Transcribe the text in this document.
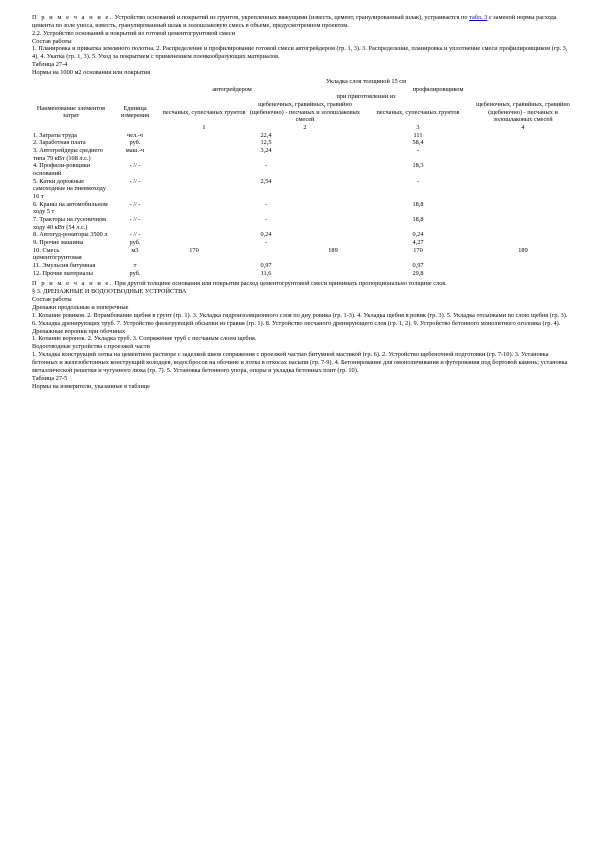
П р и м е ч а н и е. Устройство оснований и покрытий из грунтов, укрепленных вяжущими (известь, цемент, гранулированный шлак), устраивается по табл. 3 с заменой нормы расхода цемента по золе уноса, известь, гранулированный шлак и золошлаковую смесь в объеме, предусмотренном проектом.

2.2. Устройство оснований и покрытий из готовой цементогрунтовой смеси

Состав работы

1. Планировка и прикатка земляного полотна. 2. Распределение и профилирование готовой смеси автогрейдером (гр. 1, 3). 3. Распределение, планировка и уплотнение смеси профилировщиком (гр. 3, 4). 4. Укатка (гр. 1, 3). 5. Уход за покрытием с применением пленкообразующих материалов.

Таблица 27-4

Нормы на 1000 м2 основания или покрытия

		Укладка слоя толщиной 15 см					
		автогрейдером			профилировщиком		
		при приготовлении из					
Наименование элементов затрат	Единица измерения	песчаных, супесчаных грунтов		щебеночных, гравийных, гравийно (щебеночно) - песчаных и золошлаковых смесей		песчаных, супесчаных грунтов	щебеночных, гравийных, гравийно (щебеночно) - песчаных и золошлаковых смесей
		1		2		3	4
1. Затраты труда	чел.-ч		22,4			111	
2. Заработная плата	руб.		12,5			58,4	
3. Автогрейдеры среднего типа 79 кВт (108 л.с.)	маш.-ч		3,24			-	
4. Профили-ровщики оснований	- // -		-			18,3	
5. Катки дорожные самоходные на пневмоходу 16 т	- // -		2,54			-	
6. Краны на автомобильном ходу 5 т	- // -		-			18,8	
7. Тракторы на гусеничном ходу 40 кВт (54 л.с.)	- // -		-			18,8	
8. Автогуд-ронаторы 3500 л	- // -		0,24			0,24	
9. Прочие машины	руб.		-			4,27	
10. Смесь цементогрунтовая	м3	170			189	170	189
11. Эмульсия битумная	т		0,97			0,97	
12. Прочие материалы	руб.		11,6			29,8	

П р и м е ч а н и е. При другой толщине основания или покрытия расход цементогрунтовой смеси принимать пропорционально толщине слоя.

§ 3. ДРЕНАЖНЫЕ И ВОДООТВОДНЫЕ УСТРОЙСТВА

Состав работы

Дренажи продольные и поперечные

1. Копание ровиков. 2. Втрамбование щебня в грунт (гр. 1). 3. Укладка гидроизоляционного слоя по дну ровика (гр. 1-3). 4. Укладка щебня в ровик (гр. 3). 5. Укладка отсыпками по слою щебня (гр. 3). 6. Укладка дренирующих труб. 7. Устройство фильтрующей обсыпки из гравия (гр. 1). 8. Устройство песчаного дренирующего слоя (гр. 1, 2). 9. Устройство бетонного монолитного оголовка (гр. 4).

Дренажные воронки при обочинах

1. Копание воронок. 2. Укладка труб. 3. Сопряжение труб с песчаным слоем щебня.

Водоотводные устройства с проезжей части

1. Укладка конструкций лотка на цементном растворе с заделкой швов сопряжения с проезжей частью битумной мастикой (гр. 6). 2. Устройство щебеночной подготовки (гр. 7-10). 3. Установка бетонных и железобетонных конструкций колодцев, водосбросов на обочине и лотка в откосах насыпи (гр. 7-9). 4. Бетонирование для омоноличивания и футерования под бортовой камень; установка металлической решетки и чугунного люка (гр. 7). 5. Установка бетонного упора, опоры и укладка бетонных плит (гр. 10).

Таблица 27-5

Нормы на измерители, указанные в таблице
